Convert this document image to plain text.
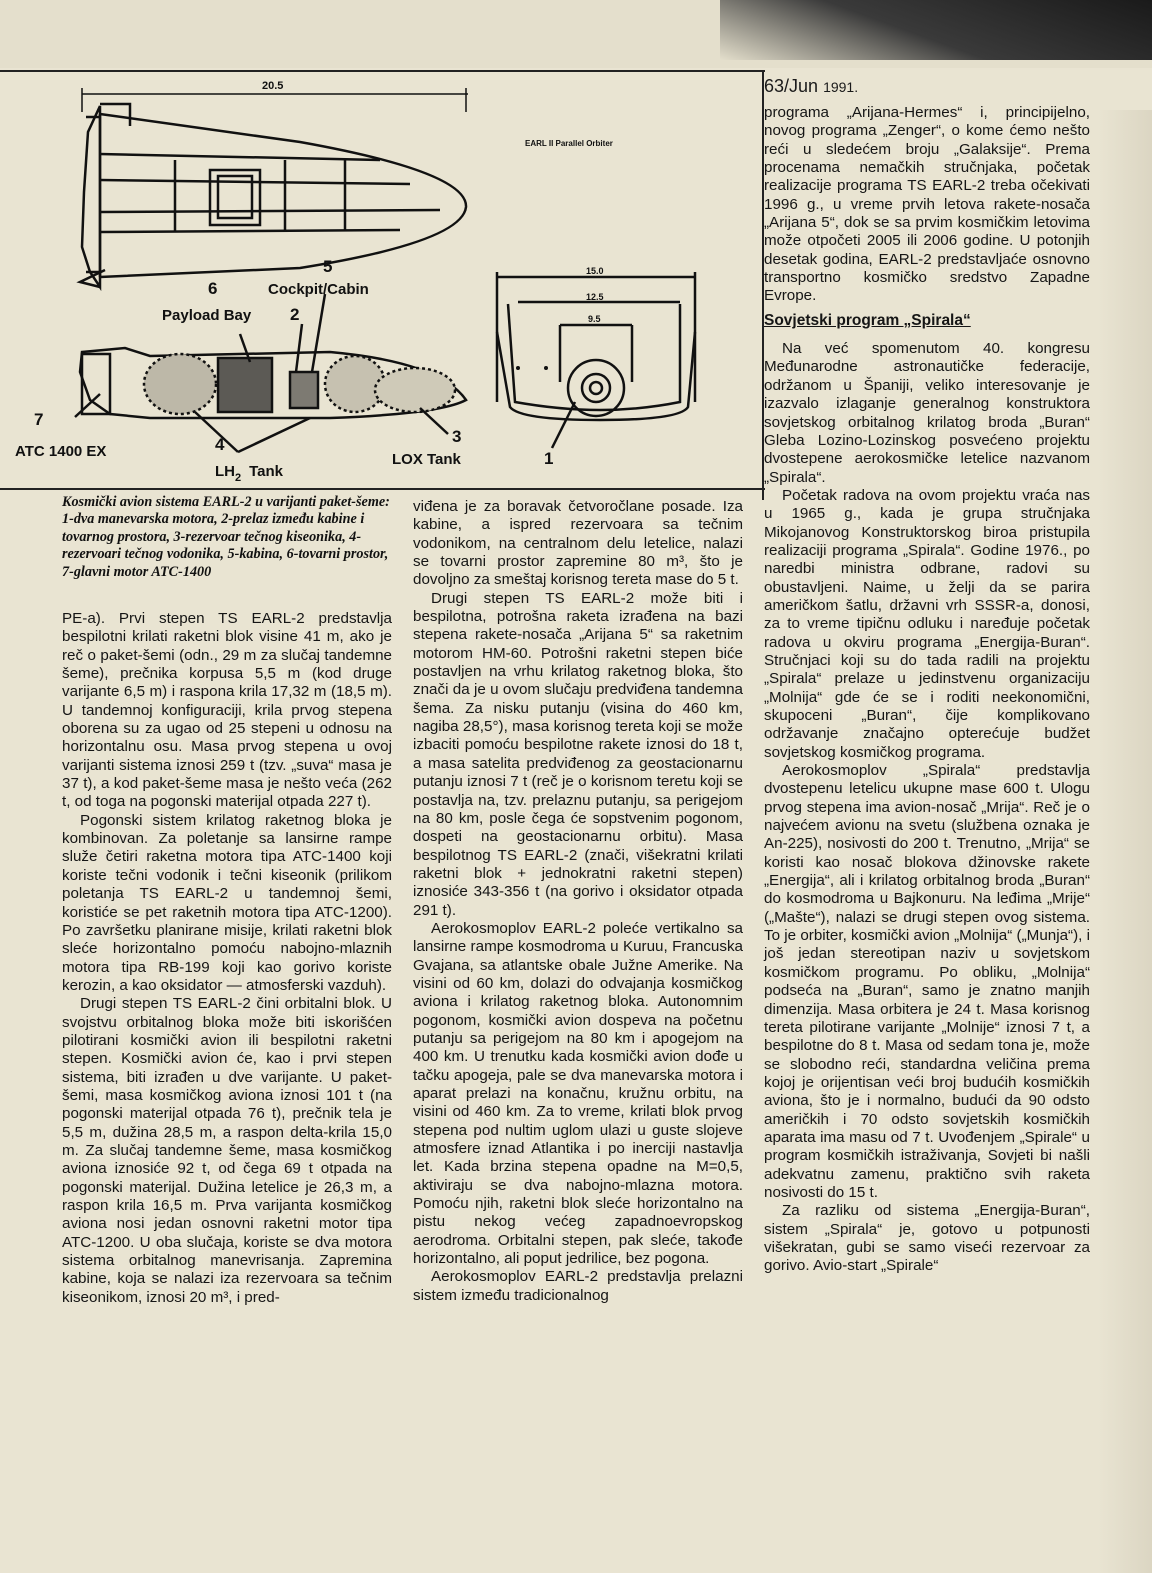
63/Jun 1991.
20.5
EARL II Parallel Orbiter
5
Cockpit/Cabin
6
Payload Bay 2
7
ATC 1400 EX	4
$LH_2$ Tank
3
LOX Tank
15.0
12.5
9.5
1
Kosmički avion sistema EARL-2 u varijanti paket-šeme: 1-dva manevarska motora, 2-prelaz između kabine i tovarnog prostora, 3-rezervoar tečnog kiseonika, 4-rezervoari tečnog vodonika, 5-kabina, 6-tovarni prostor, 7-glavni motor ATC-1400

PE-a). Prvi stepen TS EARL-2 predstavlja bespilotni krilati raketni blok visine 41 m, ako je reč o paket-šemi (odn., 29 m za slučaj tandemne šeme), prečnika korpusa 5,5 m (kod druge varijante 6,5 m) i raspona krila 17,32 m (18,5 m). U tandemnoj konfiguraciji, krila prvog stepena oborena su za ugao od 25 stepeni u odnosu na horizontalnu osu. Masa prvog stepena u ovoj varijanti sistema iznosi 259 t (tzv. „suva“ masa je 37 t), a kod paket-šeme masa je nešto veća (262 t, od toga na pogonski materijal otpada 227 t).

Pogonski sistem krilatog raketnog bloka je kombinovan. Za poletanje sa lansirne rampe služe četiri raketna motora tipa ATC-1400 koji koriste tečni vodonik i tečni kiseonik (prilikom poletanja TS EARL-2 u tandemnoj šemi, koristiće se pet raketnih motora tipa ATC-1200). Po završetku planirane misije, krilati raketni blok sleće horizontalno pomoću nabojno-mlaznih motora tipa RB-199 koji kao gorivo koriste kerozin, a kao oksidator — atmosferski vazduh).

Drugi stepen TS EARL-2 čini orbitalni blok. U svojstvu orbitalnog bloka može biti iskorišćen pilotirani kosmički avion ili bespilotni raketni stepen. Kosmički avion će, kao i prvi stepen sistema, biti izrađen u dve varijante. U paket-šemi, masa kosmičkog aviona iznosi 101 t (na pogonski materijal otpada 76 t), prečnik tela je 5,5 m, dužina 28,5 m, a raspon delta-krila 15,0 m. Za slučaj tandemne šeme, masa kosmičkog aviona iznosiće 92 t, od čega 69 t otpada na pogonski materijal. Dužina letelice je 26,3 m, a raspon krila 16,5 m. Prva varijanta kosmičkog aviona nosi jedan osnovni raketni motor tipa ATC-1200. U oba slučaja, koriste se dva motora sistema orbitalnog manevrisanja. Zapremina kabine, koja se nalazi iza rezervoara sa tečnim kiseonikom, iznosi 20 m³, i pred-

viđena je za boravak četvoročlane posade. Iza kabine, a ispred rezervoara sa tečnim vodonikom, na centralnom delu letelice, nalazi se tovarni prostor zapremine 80 m³, što je dovoljno za smeštaj korisnog tereta mase do 5 t.

Drugi stepen TS EARL-2 može biti i bespilotna, potrošna raketa izrađena na bazi stepena rakete-nosača „Arijana 5“ sa raketnim motorom HM-60. Potrošni raketni stepen biće postavljen na vrhu krilatog raketnog bloka, što znači da je u ovom slučaju predviđena tandemna šema. Za nisku putanju (visina do 460 km, nagiba 28,5°), masa korisnog tereta koji se može izbaciti pomoću bespilotne rakete iznosi do 18 t, a masa satelita predviđenog za geostacionarnu putanju iznosi 7 t (reč je o korisnom teretu koji se postavlja na, tzv. prelaznu putanju, sa perigejom na 80 km, posle čega će sopstvenim pogonom, dospeti na geostacionarnu orbitu). Masa bespilotnog TS EARL-2 (znači, višekratni krilati raketni blok + jednokratni raketni stepen) iznosiće 343-356 t (na gorivo i oksidator otpada 291 t).

Aerokosmoplov EARL-2 poleće vertikalno sa lansirne rampe kosmodroma u Kuruu, Francuska Gvajana, sa atlantske obale Južne Amerike. Na visini od 60 km, dolazi do odvajanja kosmičkog aviona i krilatog raketnog bloka. Autonomnim pogonom, kosmički avion dospeva na početnu putanju sa perigejom na 80 km i apogejom na 400 km. U trenutku kada kosmički avion dođe u tačku apogeja, pale se dva manevarska motora i aparat prelazi na konačnu, kružnu orbitu, na visini od 460 km. Za to vreme, krilati blok prvog stepena pod nultim uglom ulazi u guste slojeve atmosfere iznad Atlantika i po inerciji nastavlja let. Kada brzina stepena opadne na M=0,5, aktiviraju se dva nabojno-mlazna motora. Pomoću njih, raketni blok sleće horizontalno na pistu nekog većeg zapadnoevropskog aerodroma. Orbitalni stepen, pak sleće, takođe horizontalno, ali poput jedrilice, bez pogona.

Aerokosmoplov EARL-2 predstavlja prelazni sistem između tradicionalnog

programa „Arijana-Hermes“ i, principijelno, novog programa „Zenger“, o kome ćemo nešto reći u sledećem broju „Galaksije“. Prema procenama nemačkih stručnjaka, početak realizacije programa TS EARL-2 treba očekivati 1996 g., u vreme prvih letova rakete-nosača „Arijana 5“, dok se sa prvim kosmičkim letovima može otpočeti 2005 ili 2006 godine. U potonjih desetak godina, EARL-2 predstavljaće osnovno transportno kosmičko sredstvo Zapadne Evrope.

Sovjetski program „Spirala“

Na već spomenutom 40. kongresu Međunarodne astronautičke federacije, održanom u Španiji, veliko interesovanje je izazvalo izlaganje generalnog konstruktora sovjetskog orbitalnog krilatog broda „Buran“ Gleba Lozino-Lozinskog posvećeno projektu dvostepene aerokosmičke letelice nazvanom „Spirala“.

Početak radova na ovom projektu vraća nas u 1965 g., kada je grupa stručnjaka Mikojanovog Konstruktorskog biroa pristupila realizaciji programa „Spirala“. Godine 1976., po naredbi ministra odbrane, radovi su obustavljeni. Naime, u želji da se parira američkom šatlu, državni vrh SSSR-a, donosi, za to vreme tipičnu odluku i naređuje početak radova u okviru programa „Energija-Buran“. Stručnjaci koji su do tada radili na projektu „Spirala“ prelaze u jedinstvenu organizaciju „Molnija“ gde će se i roditi neekonomični, skupoceni „Buran“, čije komplikovano održavanje značajno opterećuje budžet sovjetskog kosmičkog programa.

Aerokosmoplov „Spirala“ predstavlja dvostepenu letelicu ukupne mase 600 t. Ulogu prvog stepena ima avion-nosač „Mrija“. Reč je o najvećem avionu na svetu (službena oznaka je An-225), nosivosti do 200 t. Trenutno, „Mrija“ se koristi kao nosač blokova džinovske rakete „Energija“, ali i krilatog orbitalnog broda „Buran“ do kosmodroma u Bajkonuru. Na leđima „Mrije“ („Mašte“), nalazi se drugi stepen ovog sistema. To je orbiter, kosmički avion „Molnija“ („Munja“), i još jedan stereotipan naziv u sovjetskom kosmičkom programu. Po obliku, „Molnija“ podseća na „Buran“, samo je znatno manjih dimenzija. Masa orbitera je 24 t. Masa korisnog tereta pilotirane varijante „Molnije“ iznosi 7 t, a bespilotne do 8 t. Masa od sedam tona je, može se slobodno reći, standardna veličina prema kojoj je orijentisan veći broj budućih kosmičkih aviona, što je i normalno, budući da 90 odsto američkih i 70 odsto sovjetskih kosmičkih aparata ima masu od 7 t. Uvođenjem „Spirale“ u program kosmičkih istraživanja, Sovjeti bi našli adekvatnu zamenu, praktično svih raketa nosivosti do 15 t.

Za razliku od sistema „Energija-Buran“, sistem „Spirala“ je, gotovo u potpunosti višekratan, gubi se samo viseći rezervoar za gorivo. Avio-start „Spirale“
